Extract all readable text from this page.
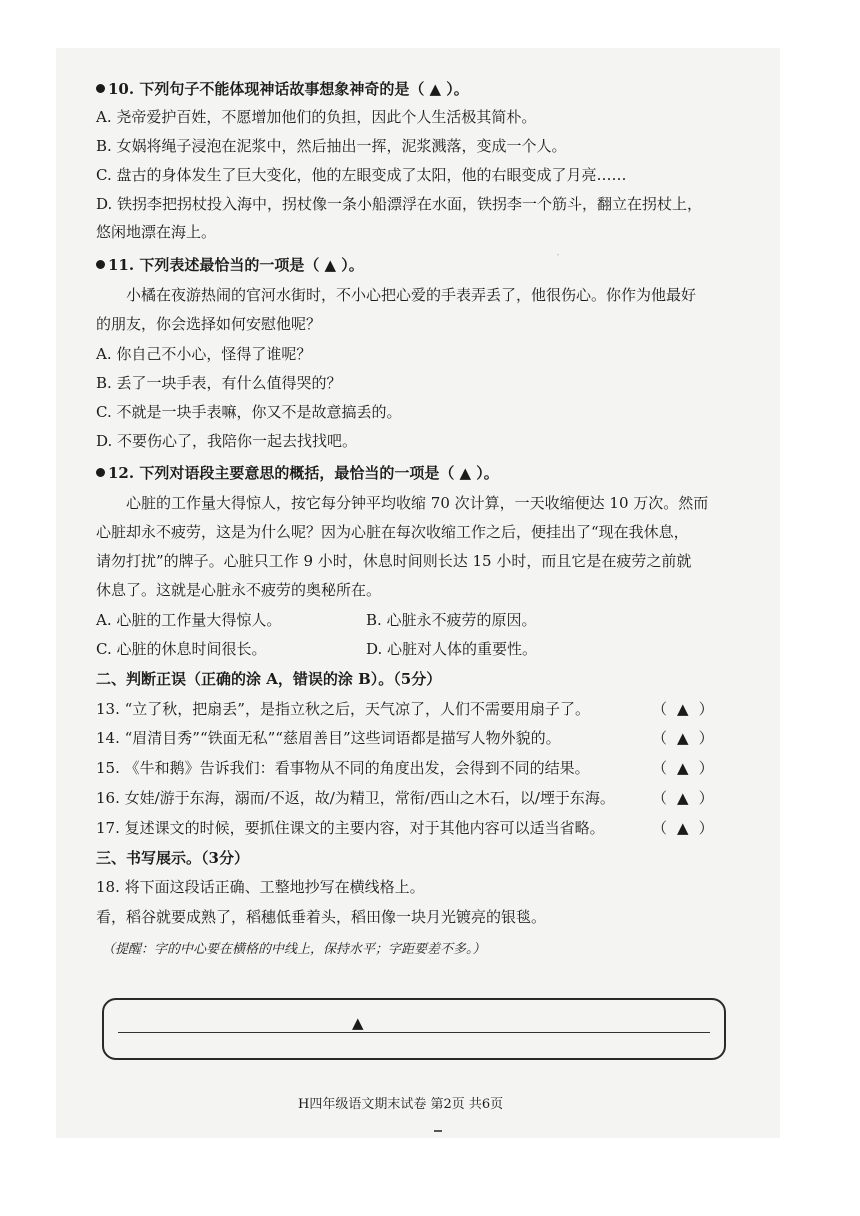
·
10. 下列句子不能体现神话故事想象神奇的是（ ▲ ）。
A. 尧帝爱护百姓，不愿增加他们的负担，因此个人生活极其简朴。
B. 女娲将绳子浸泡在泥浆中，然后抽出一挥，泥浆溅落，变成一个人。
C. 盘古的身体发生了巨大变化，他的左眼变成了太阳，他的右眼变成了月亮……
D. 铁拐李把拐杖投入海中，拐杖像一条小船漂浮在水面，铁拐李一个筋斗，翻立在拐杖上，
悠闲地漂在海上。
11. 下列表述最恰当的一项是（ ▲ ）。
小橘在夜游热闹的官河水街时，不小心把心爱的手表弄丢了，他很伤心。你作为他最好
的朋友，你会选择如何安慰他呢？
A. 你自己不小心，怪得了谁呢？
B. 丢了一块手表，有什么值得哭的？
C. 不就是一块手表嘛，你又不是故意搞丢的。
D. 不要伤心了，我陪你一起去找找吧。
12. 下列对语段主要意思的概括，最恰当的一项是（ ▲ ）。
心脏的工作量大得惊人，按它每分钟平均收缩 70 次计算，一天收缩便达 10 万次。然而
心脏却永不疲劳，这是为什么呢？因为心脏在每次收缩工作之后，便挂出了“现在我休息，
请勿打扰”的牌子。心脏只工作 9 小时，休息时间则长达 15 小时，而且它是在疲劳之前就
休息了。这就是心脏永不疲劳的奥秘所在。
A. 心脏的工作量大得惊人。	B. 心脏永不疲劳的原因。
C. 心脏的休息时间很长。	D. 心脏对人体的重要性。
二、判断正误（正确的涂 A，错误的涂 B）。（5分）
13. “立了秋，把扇丢”，是指立秋之后，天气凉了，人们不需要用扇子了。	（ ▲ ）
14. “眉清目秀”“铁面无私”“慈眉善目”这些词语都是描写人物外貌的。	（ ▲ ）
15. 《牛和鹅》告诉我们：看事物从不同的角度出发，会得到不同的结果。	（ ▲ ）
16. 女娃/游于东海，溺而/不返，故/为精卫，常衔/西山之木石，以/堙于东海。 （ ▲ ）
17. 复述课文的时候，要抓住课文的主要内容，对于其他内容可以适当省略。	（ ▲ ）
三、书写展示。（3分）
18. 将下面这段话正确、工整地抄写在横线格上。
看，稻谷就要成熟了，稻穗低垂着头，稻田像一块月光镀亮的银毯。
（提醒：字的中心要在横格的中线上，保持水平；字距要差不多。）
▲
H四年级语文期末试卷 第2页 共6页
